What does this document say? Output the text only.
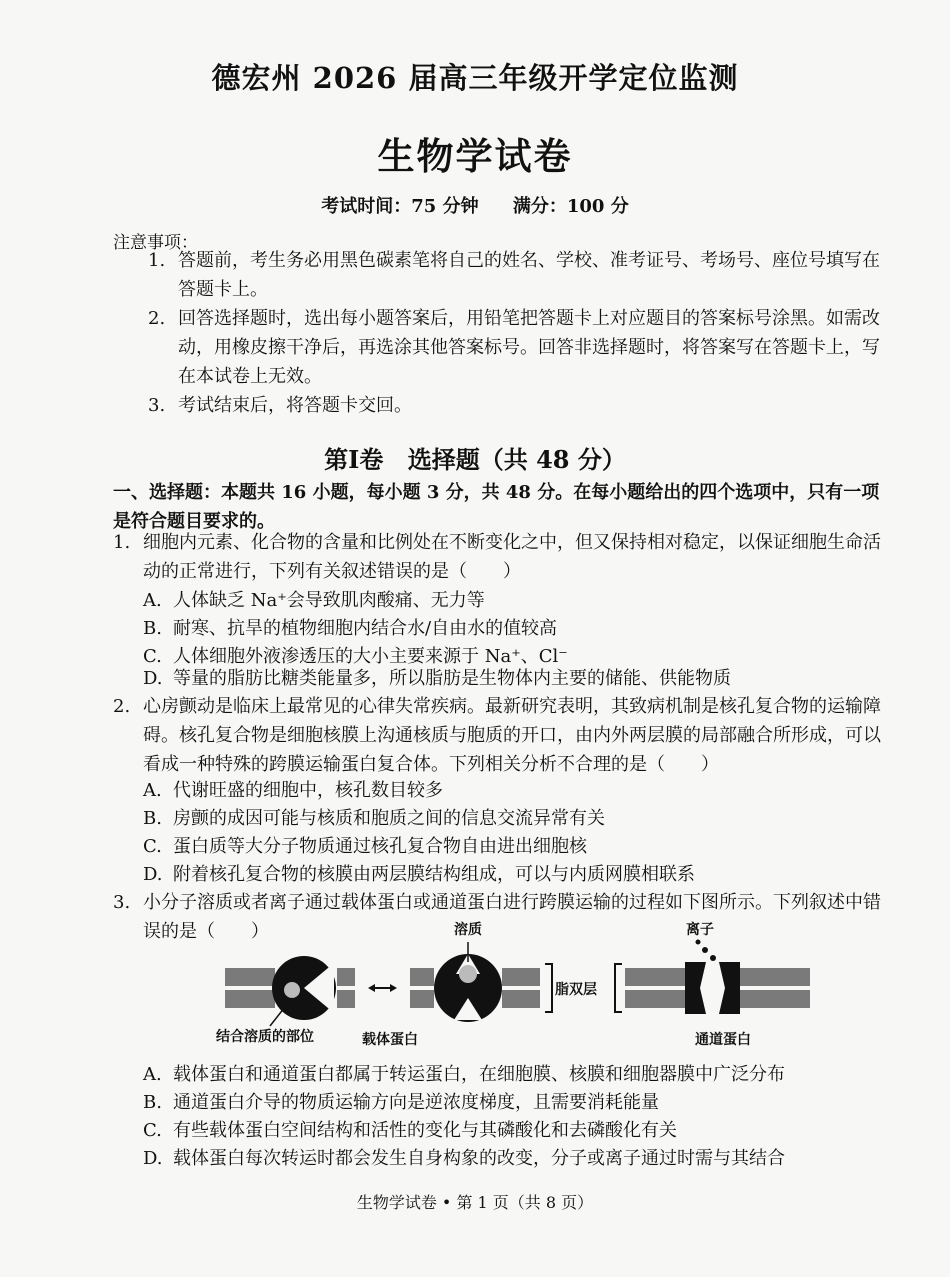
德宏州 2026 届高三年级开学定位监测
生物学试卷
考试时间：75 分钟 满分：100 分
注意事项：
1. 答题前，考生务必用黑色碳素笔将自己的姓名、学校、准考证号、考场号、座位号填写在答题卡上。
2. 回答选择题时，选出每小题答案后，用铅笔把答题卡上对应题目的答案标号涂黑。如需改动，用橡皮擦干净后，再选涂其他答案标号。回答非选择题时，将答案写在答题卡上，写在本试卷上无效。
3. 考试结束后，将答题卡交回。
第Ⅰ卷 选择题（共 48 分）
一、选择题：本题共 16 小题，每小题 3 分，共 48 分。在每小题给出的四个选项中，只有一项是符合题目要求的。
1. 细胞内元素、化合物的含量和比例处在不断变化之中，但又保持相对稳定，以保证细胞生命活动的正常进行，下列有关叙述错误的是（　　）
A. 人体缺乏 Na⁺会导致肌肉酸痛、无力等
B. 耐寒、抗旱的植物细胞内结合水/自由水的值较高
C. 人体细胞外液渗透压的大小主要来源于 Na⁺、Cl⁻
D. 等量的脂肪比糖类能量多，所以脂肪是生物体内主要的储能、供能物质
2. 心房颤动是临床上最常见的心律失常疾病。最新研究表明，其致病机制是核孔复合物的运输障碍。核孔复合物是细胞核膜上沟通核质与胞质的开口，由内外两层膜的局部融合所形成，可以看成一种特殊的跨膜运输蛋白复合体。下列相关分析不合理的是（　　）
A. 代谢旺盛的细胞中，核孔数目较多
B. 房颤的成因可能与核质和胞质之间的信息交流异常有关
C. 蛋白质等大分子物质通过核孔复合物自由进出细胞核
D. 附着核孔复合物的核膜由两层膜结构组成，可以与内质网膜相联系
3. 小分子溶质或者离子通过载体蛋白或通道蛋白进行跨膜运输的过程如下图所示。下列叙述中错误的是（　　）	溶质	离子
脂双层
结合溶质的部位	载体蛋白	通道蛋白
A. 载体蛋白和通道蛋白都属于转运蛋白，在细胞膜、核膜和细胞器膜中广泛分布
B. 通道蛋白介导的物质运输方向是逆浓度梯度，且需要消耗能量
C. 有些载体蛋白空间结构和活性的变化与其磷酸化和去磷酸化有关
D. 载体蛋白每次转运时都会发生自身构象的改变，分子或离子通过时需与其结合
生物学试卷 • 第 1 页（共 8 页）
